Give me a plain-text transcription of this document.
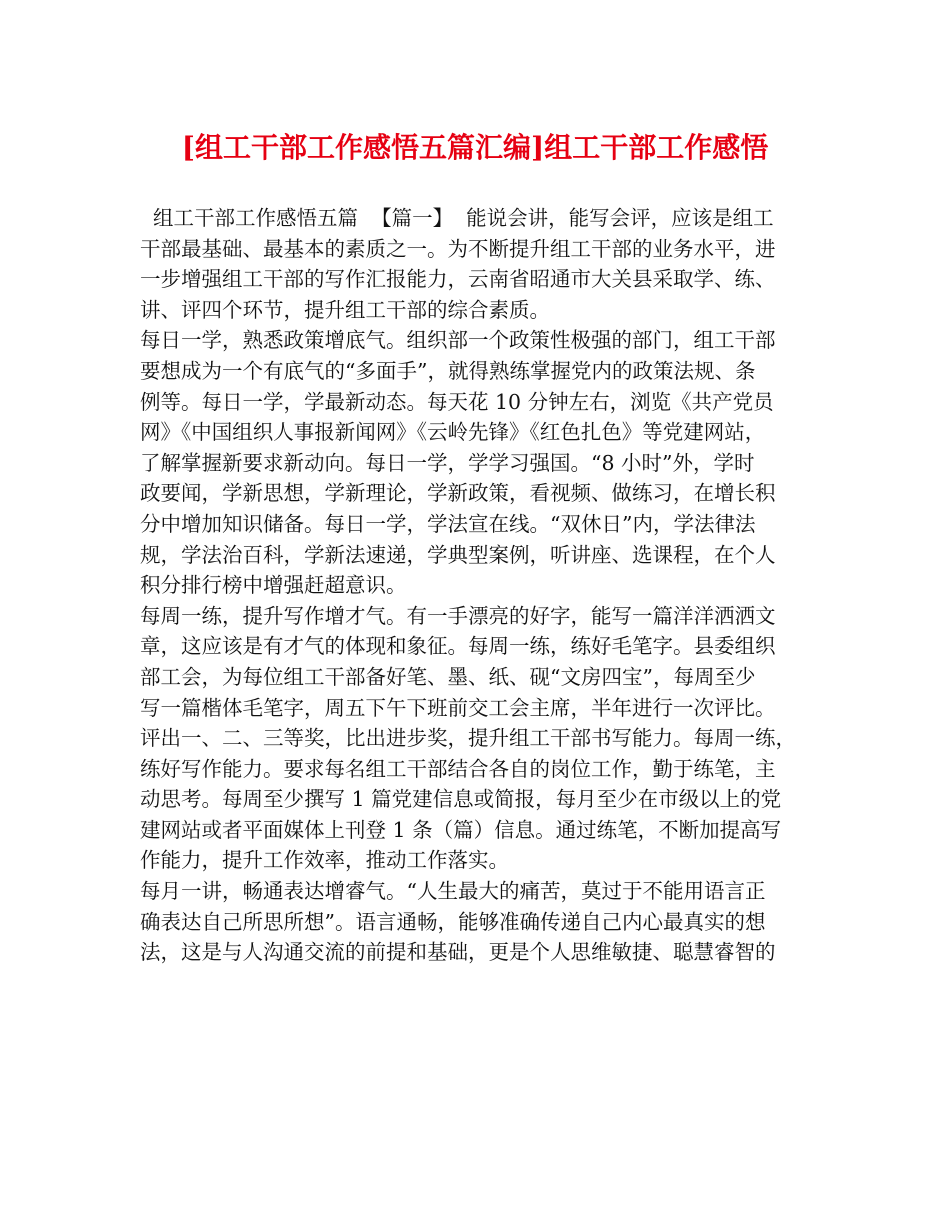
[组工干部工作感悟五篇汇编]组工干部工作感悟
组工干部工作感悟五篇  【篇一】  能说会讲，能写会评，应该是组工
干部最基础、最基本的素质之一。为不断提升组工干部的业务水平，进
一步增强组工干部的写作汇报能力，云南省昭通市大关县采取学、练、
讲、评四个环节，提升组工干部的综合素质。
每日一学，熟悉政策增底气。组织部一个政策性极强的部门，组工干部
要想成为一个有底气的“多面手”，就得熟练掌握党内的政策法规、条
例等。每日一学，学最新动态。每天花 10 分钟左右，浏览《共产党员
网》《中国组织人事报新闻网》《云岭先锋》《红色扎色》等党建网站，
了解掌握新要求新动向。每日一学，学学习强国。“8 小时”外，学时
政要闻，学新思想，学新理论，学新政策，看视频、做练习，在增长积
分中增加知识储备。每日一学，学法宣在线。“双休日”内，学法律法
规，学法治百科，学新法速递，学典型案例，听讲座、选课程，在个人
积分排行榜中增强赶超意识。
每周一练，提升写作增才气。有一手漂亮的好字，能写一篇洋洋洒洒文
章，这应该是有才气的体现和象征。每周一练，练好毛笔字。县委组织
部工会，为每位组工干部备好笔、墨、纸、砚“文房四宝”，每周至少
写一篇楷体毛笔字，周五下午下班前交工会主席，半年进行一次评比。
评出一、二、三等奖，比出进步奖，提升组工干部书写能力。每周一练，
练好写作能力。要求每名组工干部结合各自的岗位工作，勤于练笔，主
动思考。每周至少撰写 1 篇党建信息或简报，每月至少在市级以上的党
建网站或者平面媒体上刊登 1 条（篇）信息。通过练笔，不断加提高写
作能力，提升工作效率，推动工作落实。
每月一讲，畅通表达增睿气。“人生最大的痛苦，莫过于不能用语言正
确表达自己所思所想”。语言通畅，能够准确传递自己内心最真实的想
法，这是与人沟通交流的前提和基础，更是个人思维敏捷、聪慧睿智的
